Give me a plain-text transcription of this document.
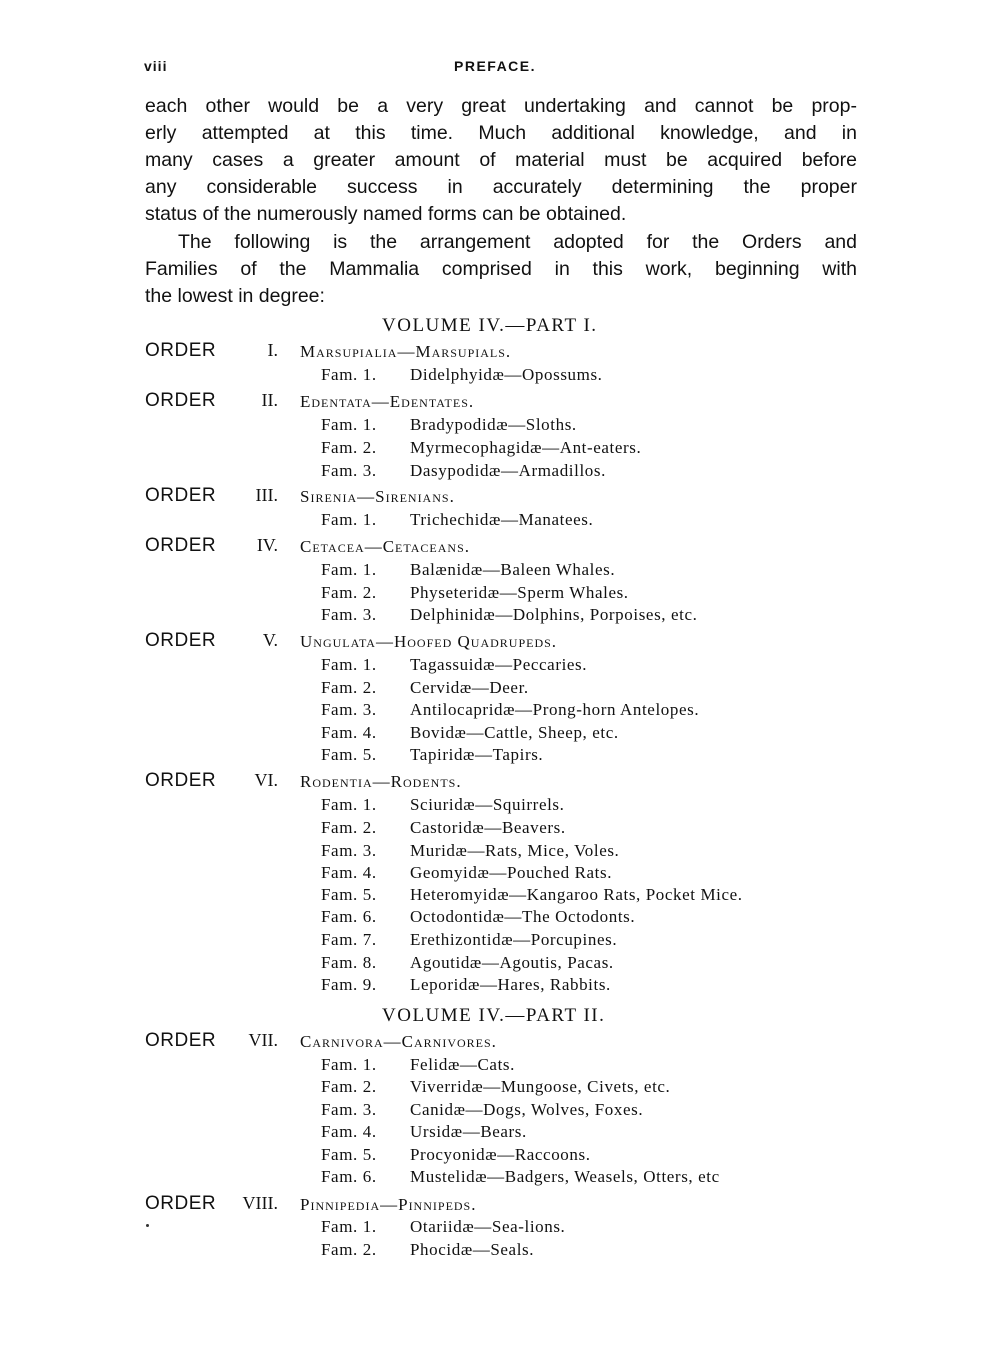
viii	PREFACE.
each other would be a very great undertaking and cannot be prop-
erly attempted at this time. Much additional knowledge, and in
many cases a greater amount of material must be acquired before
any considerable success in accurately determining the proper
status of the numerously named forms can be obtained.
The following is the arrangement adopted for the Orders and
Families of the Mammalia comprised in this work, beginning with
the lowest in degree:
VOLUME IV.—PART I.
ORDER	I. Marsupialia—Marsupials.
Fam. 1. Didelphyidæ—Opossums.
ORDER	II. Edentata—Edentates.
Fam. 1. Bradypodidæ—Sloths.
Fam. 2. Myrmecophagidæ—Ant-eaters.
Fam. 3. Dasypodidæ—Armadillos.
ORDER	III. Sirenia—Sirenians.
Fam. 1. Trichechidæ—Manatees.
ORDER	IV. Cetacea—Cetaceans.
Fam. 1. Balænidæ—Baleen Whales.
Fam. 2. Physeteridæ—Sperm Whales.
Fam. 3. Delphinidæ—Dolphins, Porpoises, etc.
ORDER	V. Ungulata—Hoofed Quadrupeds.
Fam. 1. Tagassuidæ—Peccaries.
Fam. 2. Cervidæ—Deer.
Fam. 3. Antilocapridæ—Prong-horn Antelopes.
Fam. 4. Bovidæ—Cattle, Sheep, etc.
Fam. 5. Tapiridæ—Tapirs.
ORDER	VI. Rodentia—Rodents.
Fam. 1. Sciuridæ—Squirrels.
Fam. 2. Castoridæ—Beavers.
Fam. 3. Muridæ—Rats, Mice, Voles.
Fam. 4. Geomyidæ—Pouched Rats.
Fam. 5. Heteromyidæ—Kangaroo Rats, Pocket Mice.
Fam. 6. Octodontidæ—The Octodonts.
Fam. 7. Erethizontidæ—Porcupines.
Fam. 8. Agoutidæ—Agoutis, Pacas.
Fam. 9. Leporidæ—Hares, Rabbits.
VOLUME IV.—PART II.
ORDER	VII. Carnivora—Carnivores.
Fam. 1. Felidæ—Cats.
Fam. 2. Viverridæ—Mungoose, Civets, etc.
Fam. 3. Canidæ—Dogs, Wolves, Foxes.
Fam. 4. Ursidæ—Bears.
Fam. 5. Procyonidæ—Raccoons.
Fam. 6. Mustelidæ—Badgers, Weasels, Otters, etc
ORDER	VIII. Pinnipedia—Pinnipeds.
Fam. 1. Otariidæ—Sea-lions.
Fam. 2. Phocidæ—Seals.
